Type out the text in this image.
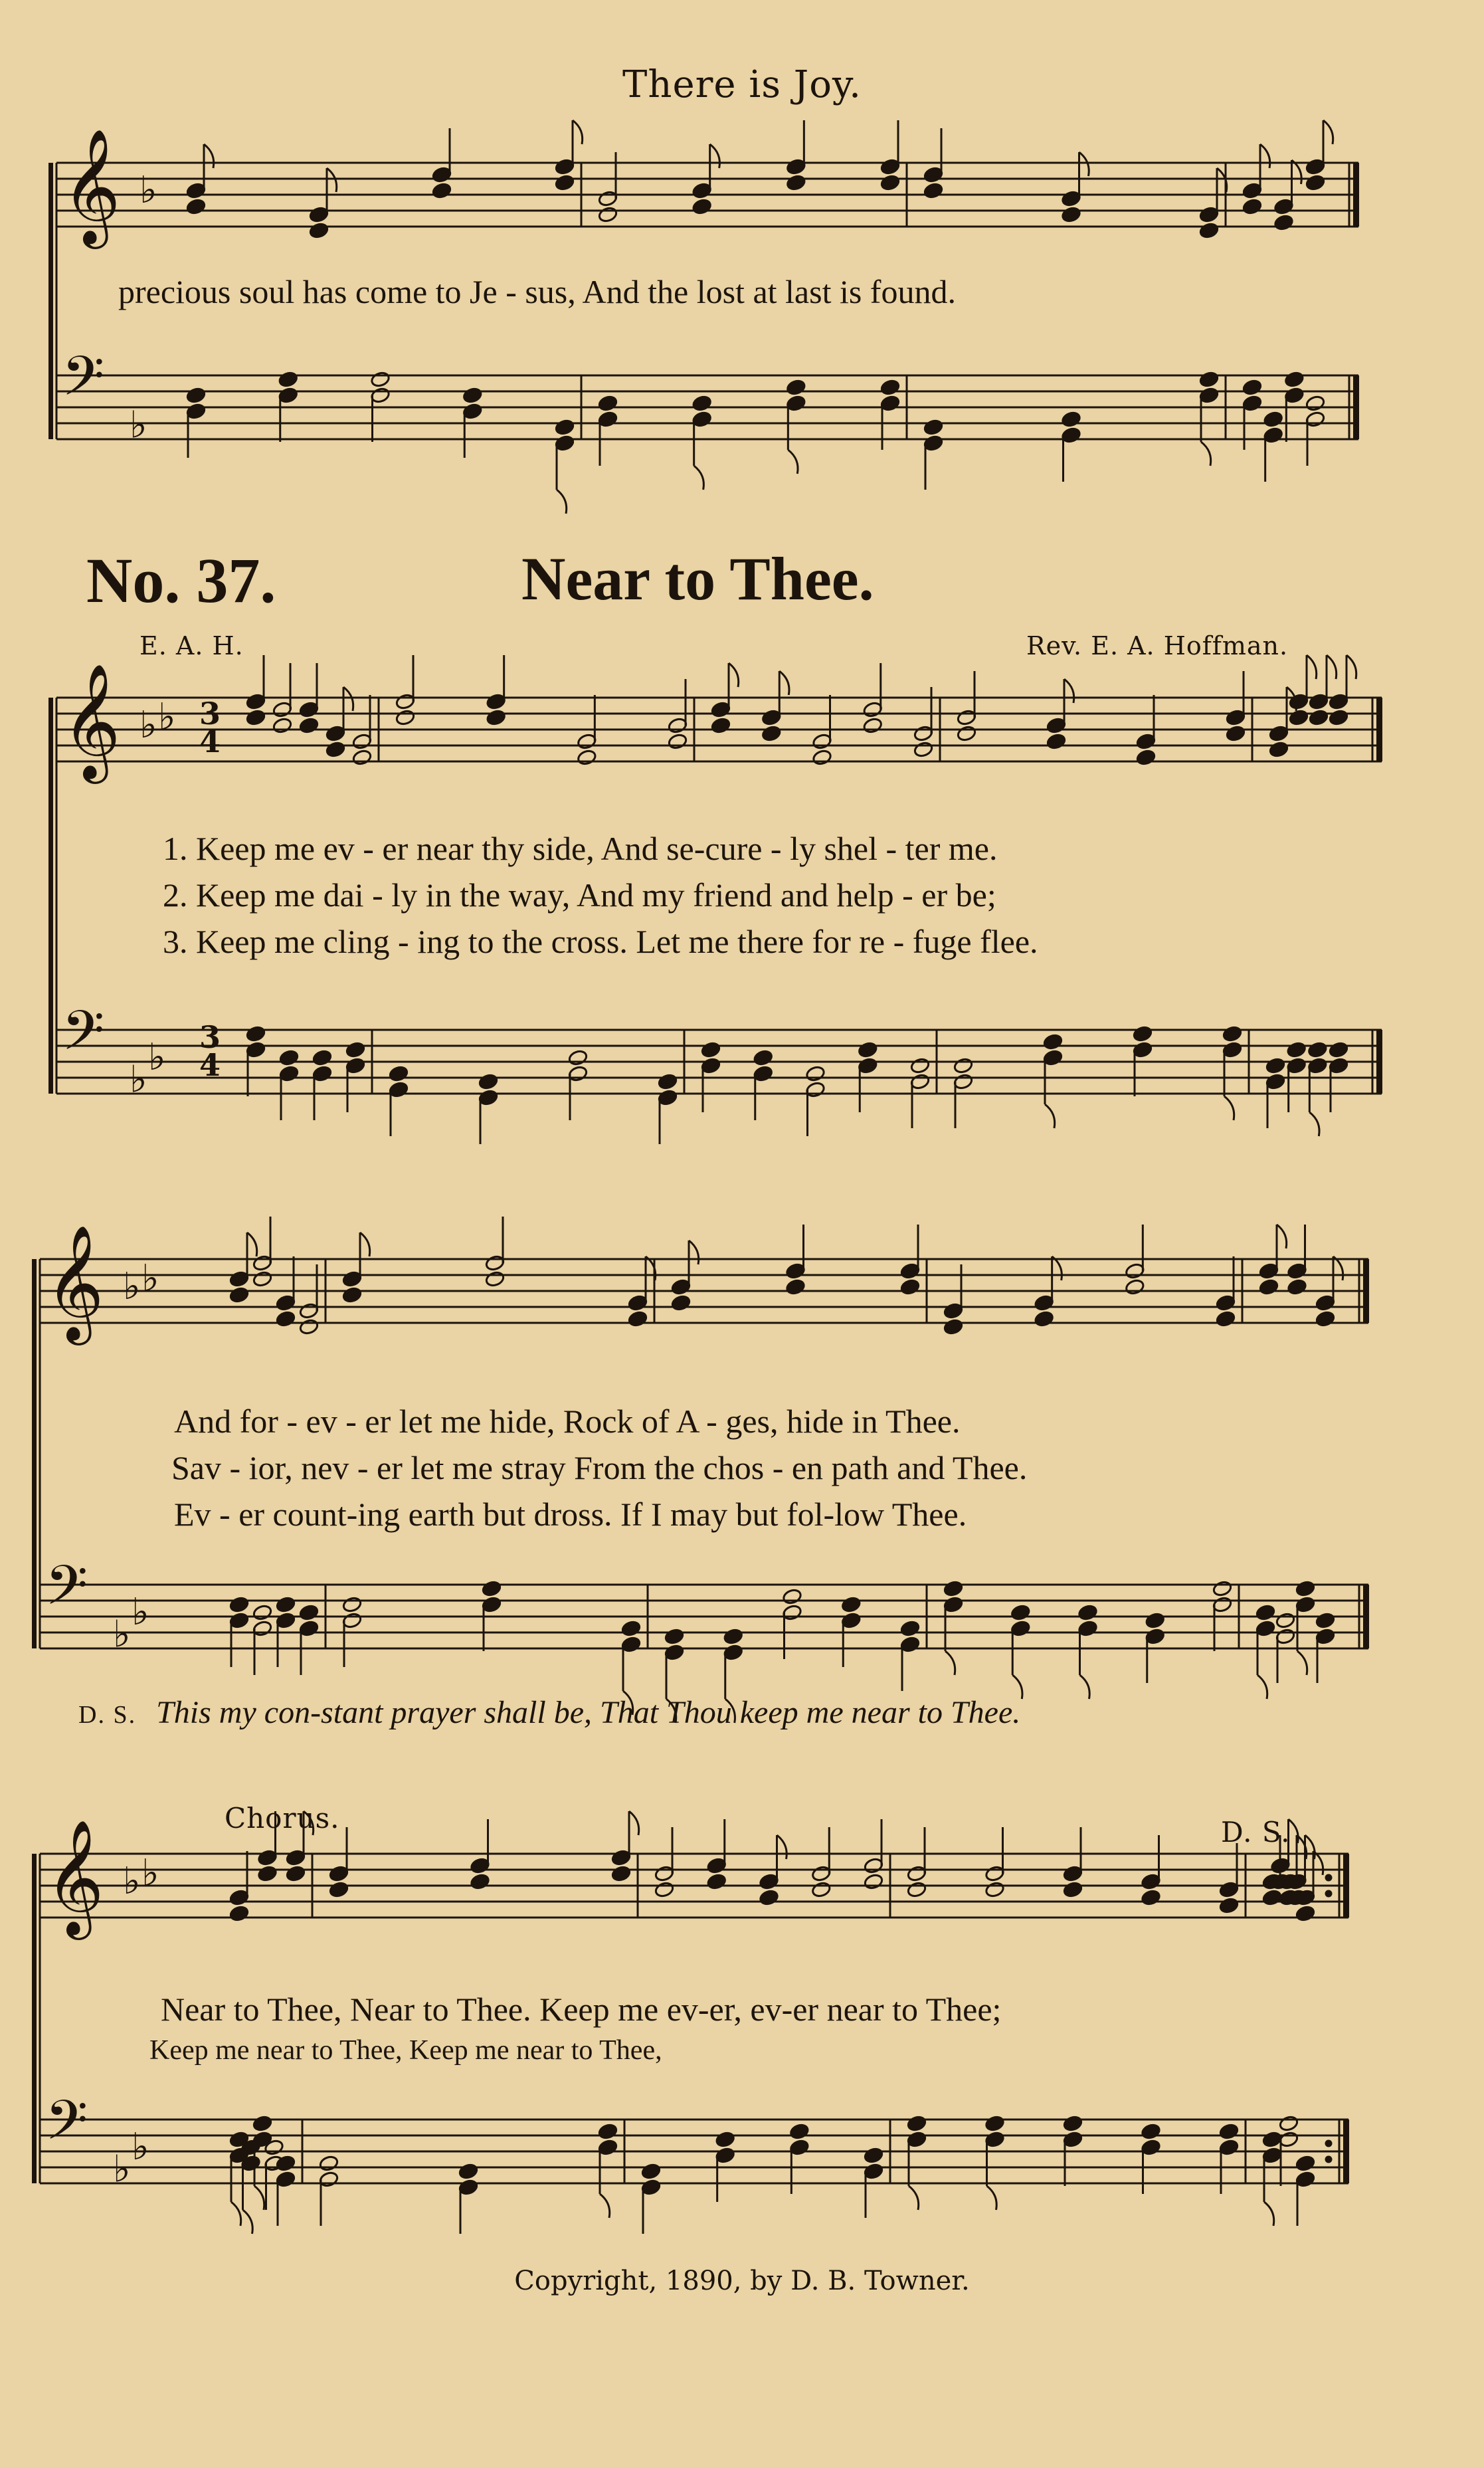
There is Joy.
𝄞
𝄢
𝄞
𝄢
𝄞
𝄢
𝄞
𝄢
♭
♭
♭ ♭
♭
♭
♭ ♭
♭
♭
♭ ♭
♭
♭
3
4
3
4
precious soul has come to Je - sus, And the lost at last is found.
No. 37.	Near to Thee.
E. A. H.	Rev. E. A. Hoffman.
1. Keep me ev - er near thy side, And se-cure - ly shel - ter me.
2. Keep me dai - ly in the way, And my friend and help - er be;
3. Keep me cling - ing to the cross. Let me there for re - fuge flee.
And for - ev - er let me hide, Rock of A - ges, hide in Thee.
Sav - ior, nev - er let me stray From the chos - en path and Thee.
Ev - er count-ing earth but dross. If I may but fol-low Thee.
D. S. This my con-stant prayer shall be, That Thou keep me near to Thee.
Chorus.	D. S.
Near to Thee, Near to Thee. Keep me ev-er, ev-er near to Thee;
Keep me near to Thee, Keep me near to Thee,
Copyright, 1890, by D. B. Towner.
